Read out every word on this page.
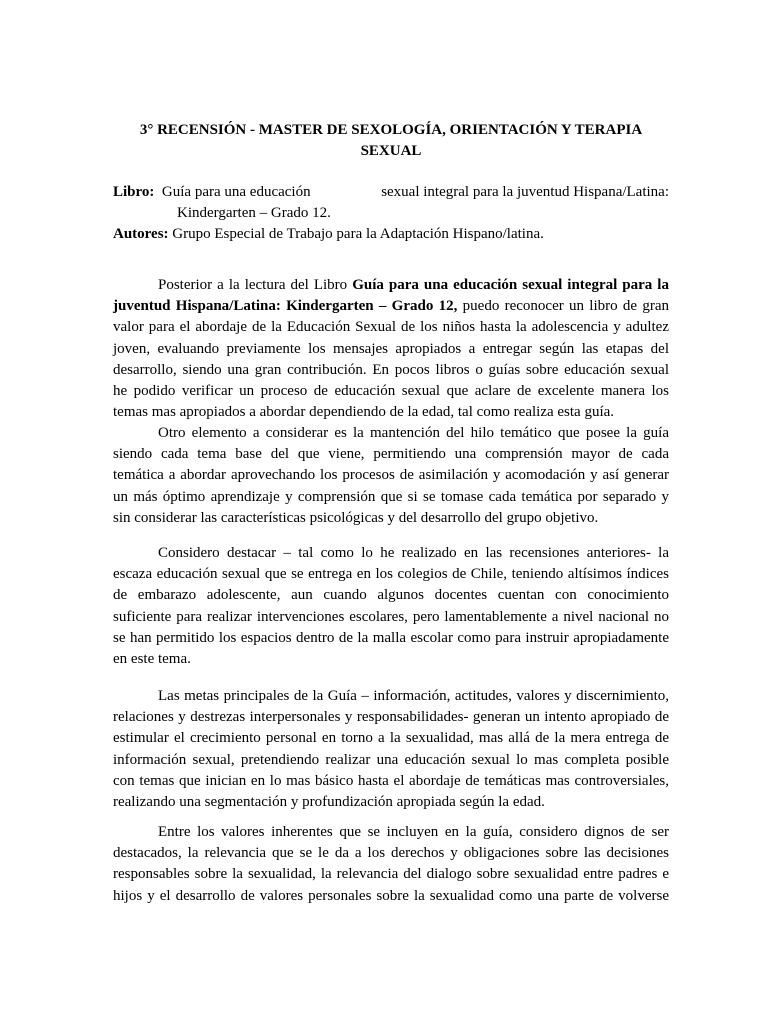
3° RECENSIÓN - MASTER DE SEXOLOGÍA, ORIENTACIÓN Y TERAPIA
SEXUAL
Libro: Guía para una educación	sexual integral para la juventud Hispana/Latina:
Kindergarten – Grado 12.
Autores: Grupo Especial de Trabajo para la Adaptación Hispano/latina.
Posterior a la lectura del Libro Guía para una educación sexual integral para la
juventud Hispana/Latina: Kindergarten – Grado 12, puedo reconocer un libro de gran
valor para el abordaje de la Educación Sexual de los niños hasta la adolescencia y adultez
joven, evaluando previamente los mensajes apropiados a entregar según las etapas del
desarrollo, siendo una gran contribución. En pocos libros o guías sobre educación sexual
he podido verificar un proceso de educación sexual que aclare de excelente manera los
temas mas apropiados a abordar dependiendo de la edad, tal como realiza esta guía.
Otro elemento a considerar es la mantención del hilo temático que posee la guía
siendo cada tema base del que viene, permitiendo una comprensión mayor de cada
temática a abordar aprovechando los procesos de asimilación y acomodación y así generar
un más óptimo aprendizaje y comprensión que si se tomase cada temática por separado y
sin considerar las características psicológicas y del desarrollo del grupo objetivo.
Considero destacar – tal como lo he realizado en las recensiones anteriores- la
escaza educación sexual que se entrega en los colegios de Chile, teniendo altísimos índices
de embarazo adolescente, aun cuando algunos docentes cuentan con conocimiento
suficiente para realizar intervenciones escolares, pero lamentablemente a nivel nacional no
se han permitido los espacios dentro de la malla escolar como para instruir apropiadamente
en este tema.
Las metas principales de la Guía – información, actitudes, valores y discernimiento,
relaciones y destrezas interpersonales y responsabilidades- generan un intento apropiado de
estimular el crecimiento personal en torno a la sexualidad, mas allá de la mera entrega de
información sexual, pretendiendo realizar una educación sexual lo mas completa posible
con temas que inician en lo mas básico hasta el abordaje de temáticas mas controversiales,
realizando una segmentación y profundización apropiada según la edad.
Entre los valores inherentes que se incluyen en la guía, considero dignos de ser
destacados, la relevancia que se le da a los derechos y obligaciones sobre las decisiones
responsables sobre la sexualidad, la relevancia del dialogo sobre sexualidad entre padres e
hijos y el desarrollo de valores personales sobre la sexualidad como una parte de volverse
